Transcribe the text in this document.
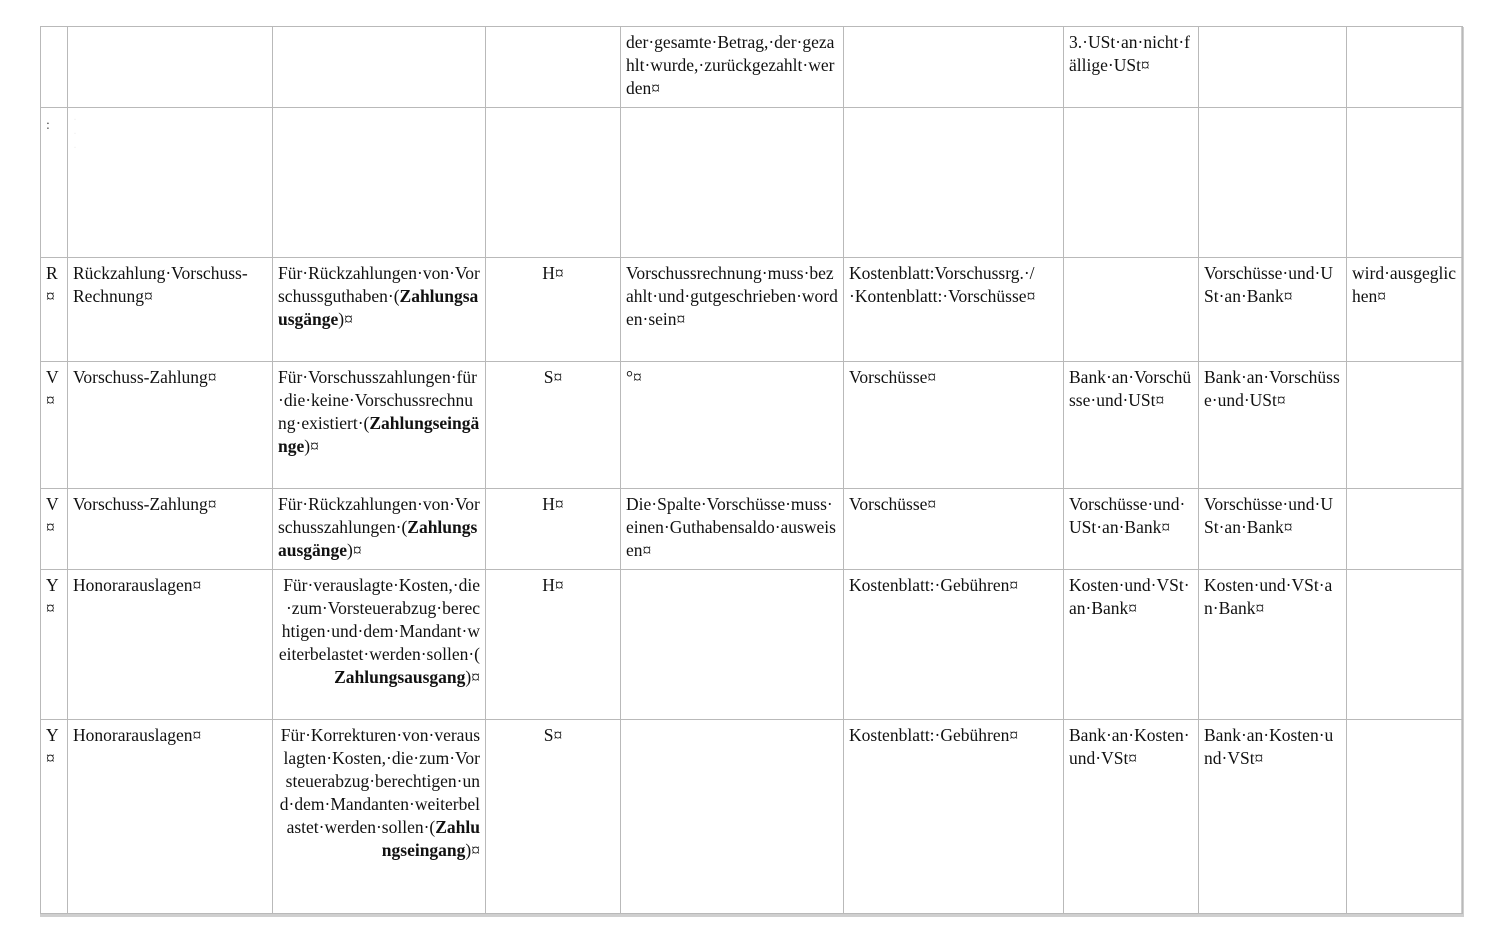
				der·gesamte·Betrag,·der·gezahlt·wurde,·zurückgezahlt·werden¤		3.·USt·an·nicht·fällige·USt¤		
:	·
·
·							

R¤	Rückzahlung·Vorschuss-Rechnung¤	Für·Rückzahlungen·von·Vorschussguthaben·(Zahlungsausgänge)¤	H¤	Vorschussrechnung·muss·bezahlt·und·gutgeschrieben·worden·sein¤	Kostenblatt:Vorschussrg.·/·Kontenblatt:·Vorschüsse¤		Vorschüsse·und·USt·an·Bank¤	wird·ausgeglichen¤
V¤	Vorschuss-Zahlung¤	Für·Vorschusszahlungen·für·die·keine·Vorschussrechnung·existiert·(Zahlungseingänge)¤	S¤	°¤	Vorschüsse¤	Bank·an·Vorschüsse·und·USt¤	Bank·an·Vorschüsse·und·USt¤	
V¤	Vorschuss-Zahlung¤	Für·Rückzahlungen·von·Vorschusszahlungen·(Zahlungsausgänge)¤	H¤	Die·Spalte·Vorschüsse·muss·einen·Guthabensaldo·ausweisen¤	Vorschüsse¤	Vorschüsse·und·USt·an·Bank¤	Vorschüsse·und·USt·an·Bank¤	
Y¤	Honorarauslagen¤	Für·verauslagte·Kosten,·die·zum·Vorsteuerabzug·berechtigen·und·dem·Mandant·weiterbelastet·werden·sollen·(Zahlungsausgang)¤	H¤		Kostenblatt:·Gebühren¤	Kosten·und·VSt·an·Bank¤	Kosten·und·VSt·an·Bank¤	
Y¤	Honorarauslagen¤	Für·Korrekturen·von·verauslagten·Kosten,·die·zum·Vorsteuerabzug·berechtigen·und·dem·Mandanten·weiterbelastet·werden·sollen·(Zahlungseingang)¤	S¤		Kostenblatt:·Gebühren¤	Bank·an·Kosten·und·VSt¤	Bank·an·Kosten·und·VSt¤	
